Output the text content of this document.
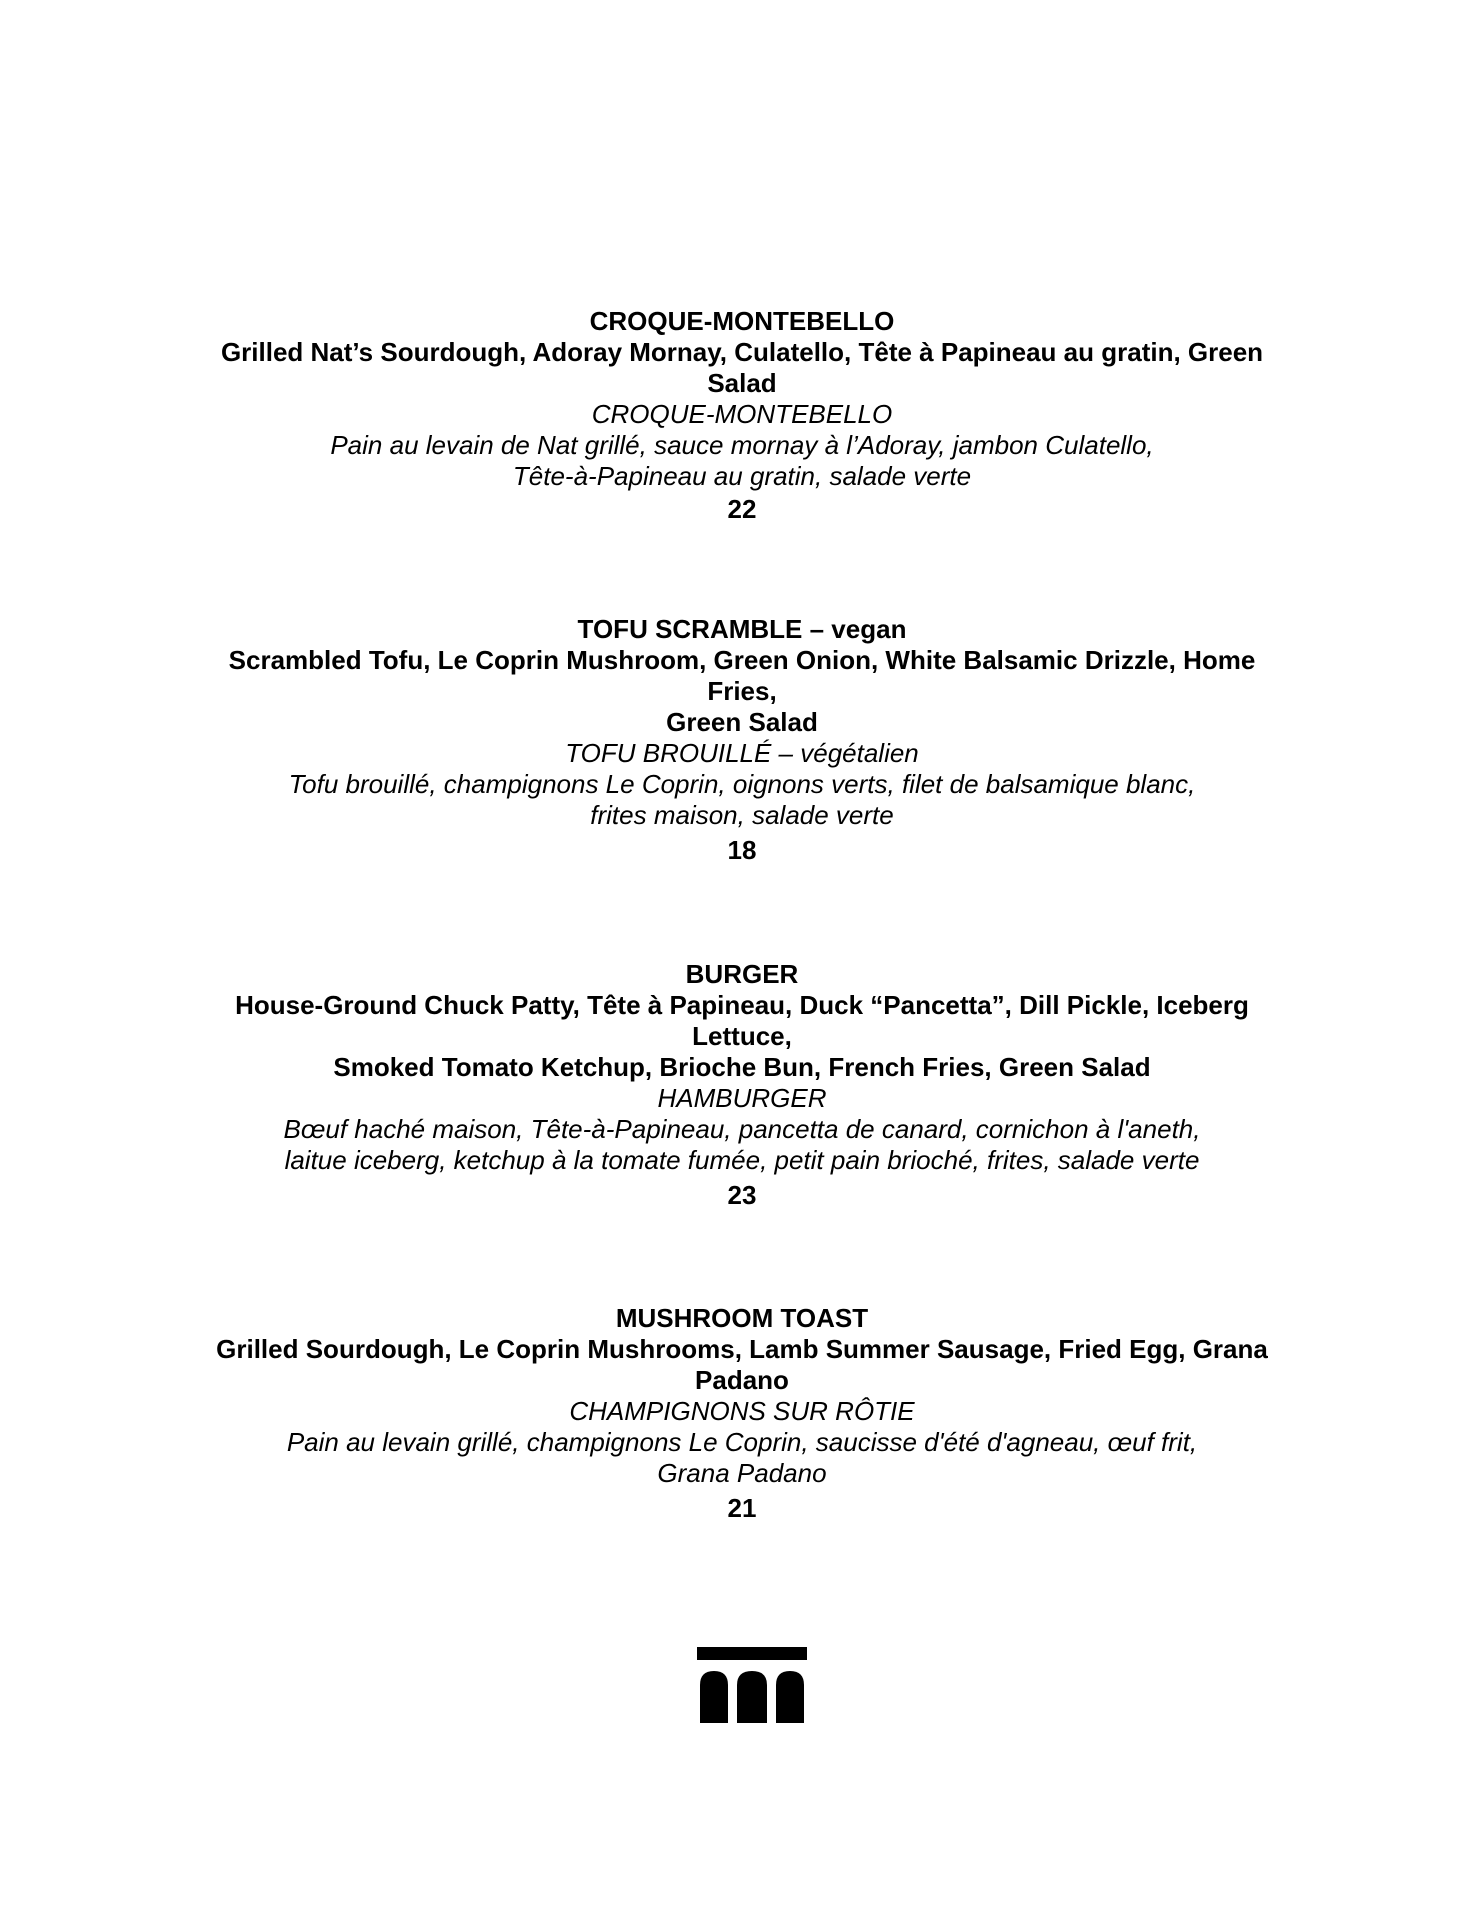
CROQUE-MONTEBELLO
Grilled Nat’s Sourdough, Adoray Mornay, Culatello, Tête à Papineau au gratin, Green
Salad
CROQUE-MONTEBELLO
Pain au levain de Nat grillé, sauce mornay à l’Adoray, jambon Culatello,
Tête-à-Papineau au gratin, salade verte
22
TOFU SCRAMBLE – vegan
Scrambled Tofu, Le Coprin Mushroom, Green Onion, White Balsamic Drizzle, Home
Fries,
Green Salad
TOFU BROUILLÉ – végétalien
Tofu brouillé, champignons Le Coprin, oignons verts, filet de balsamique blanc,
frites maison, salade verte
18
BURGER
House-Ground Chuck Patty, Tête à Papineau, Duck “Pancetta”, Dill Pickle, Iceberg
Lettuce,
Smoked Tomato Ketchup, Brioche Bun, French Fries, Green Salad
HAMBURGER
Bœuf haché maison, Tête-à-Papineau, pancetta de canard, cornichon à l'aneth,
laitue iceberg, ketchup à la tomate fumée, petit pain brioché, frites, salade verte
23
MUSHROOM TOAST
Grilled Sourdough, Le Coprin Mushrooms, Lamb Summer Sausage, Fried Egg, Grana
Padano
CHAMPIGNONS SUR RÔTIE
Pain au levain grillé, champignons Le Coprin, saucisse d'été d'agneau, œuf frit,
Grana Padano
21
